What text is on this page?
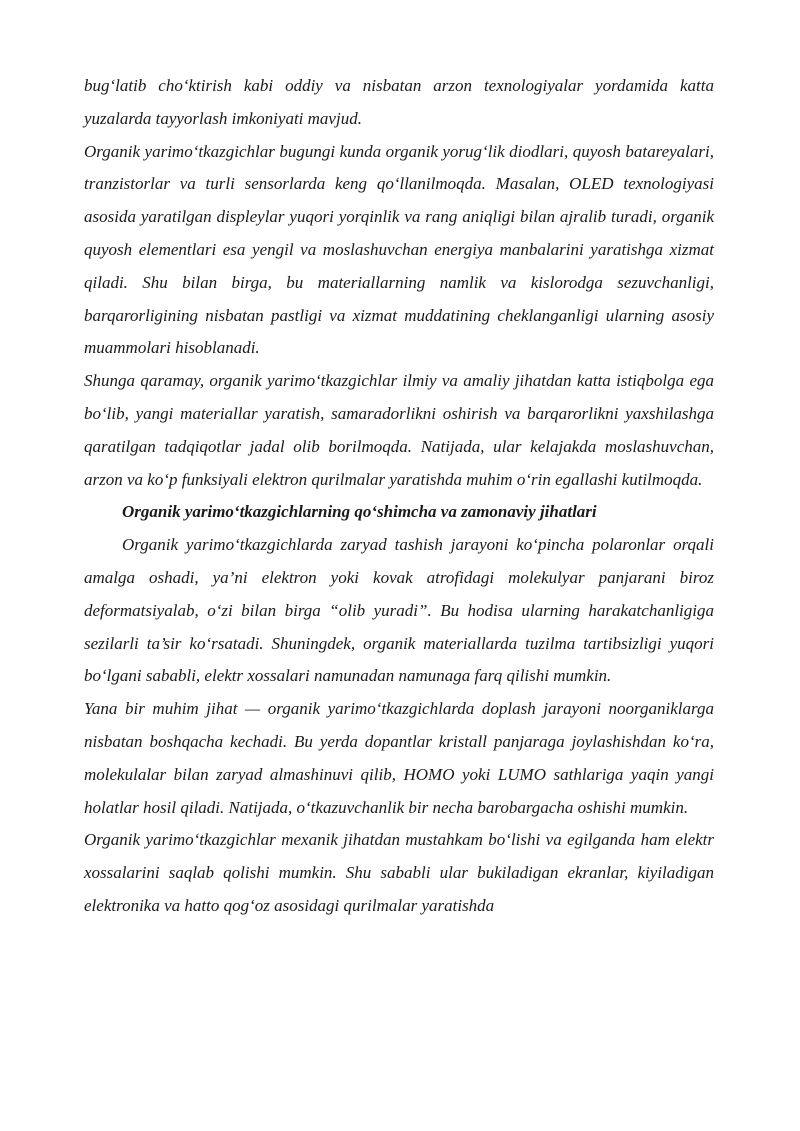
bug‘latib cho‘ktirish kabi oddiy va nisbatan arzon texnologiyalar yordamida katta yuzalarda tayyorlash imkoniyati mavjud.

Organik yarimo‘tkazgichlar bugungi kunda organik yorug‘lik diodlari, quyosh batareyalari, tranzistorlar va turli sensorlarda keng qo‘llanilmoqda. Masalan, OLED texnologiyasi asosida yaratilgan displeylar yuqori yorqinlik va rang aniqligi bilan ajralib turadi, organik quyosh elementlari esa yengil va moslashuvchan energiya manbalarini yaratishga xizmat qiladi. Shu bilan birga, bu materiallarning namlik va kislorodga sezuvchanligi, barqarorligining nisbatan pastligi va xizmat muddatining cheklanganligi ularning asosiy muammolari hisoblanadi.

Shunga qaramay, organik yarimo‘tkazgichlar ilmiy va amaliy jihatdan katta istiqbolga ega bo‘lib, yangi materiallar yaratish, samaradorlikni oshirish va barqarorlikni yaxshilashga qaratilgan tadqiqotlar jadal olib borilmoqda. Natijada, ular kelajakda moslashuvchan, arzon va ko‘p funksiyali elektron qurilmalar yaratishda muhim o‘rin egallashi kutilmoqda.

Organik yarimo‘tkazgichlarning qo‘shimcha va zamonaviy jihatlari

Organik yarimo‘tkazgichlarda zaryad tashish jarayoni ko‘pincha polaronlar orqali amalga oshadi, ya’ni elektron yoki kovak atrofidagi molekulyar panjarani biroz deformatsiyalab, o‘zi bilan birga “olib yuradi”. Bu hodisa ularning harakatchanligiga sezilarli ta’sir ko‘rsatadi. Shuningdek, organik materiallarda tuzilma tartibsizligi yuqori bo‘lgani sababli, elektr xossalari namunadan namunaga farq qilishi mumkin.

Yana bir muhim jihat — organik yarimo‘tkazgichlarda doplash jarayoni noorganiklarga nisbatan boshqacha kechadi. Bu yerda dopantlar kristall panjaraga joylashishdan ko‘ra, molekulalar bilan zaryad almashinuvi qilib, HOMO yoki LUMO sathlariga yaqin yangi holatlar hosil qiladi. Natijada, o‘tkazuvchanlik bir necha barobargacha oshishi mumkin.

Organik yarimo‘tkazgichlar mexanik jihatdan mustahkam bo‘lishi va egilganda ham elektr xossalarini saqlab qolishi mumkin. Shu sababli ular bukiladigan ekranlar, kiyiladigan elektronika va hatto qog‘oz asosidagi qurilmalar yaratishda
